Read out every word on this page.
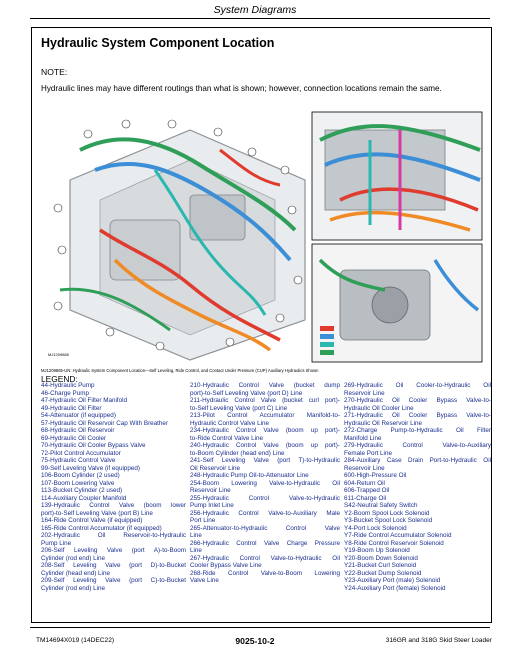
System Diagrams
Hydraulic System Component Location
NOTE:
Hydraulic lines may have different routings than what is shown; however, connection locations remain the same.
MJ1209865
MJ1209865-UN: Hydraulic System Component Location—Self Leveling, Ride Control, and Contact Under Pressure (CUP) Auxiliary Hydraulics Shown
LEGEND:
44-Hydraulic Pump
46-Charge Pump
47-Hydraulic Oil Filter Manifold
49-Hydraulic Oil Filter
54-Attenuator (if equipped)
57-Hydraulic Oil Reservoir Cap With Breather
68-Hydraulic Oil Reservoir
69-Hydraulic Oil Cooler
70-Hydraulic Oil Cooler Bypass Valve
72-Pilot Control Accumulator
75-Hydraulic Control Valve
99-Self Leveling Valve (if equipped)
106-Boom Cylinder (2 used)
107-Boom Lowering Valve
113-Bucket Cylinder (2 used)
114-Auxiliary Coupler Manifold
139-Hydraulic Control Valve (boom lower
port)-to-Self Leveling Valve (port B) Line
164-Ride Control Valve (if equipped)
165-Ride Control Accumulator (if equipped)
202-Hydraulic Oil Reservoir-to-Hydraulic
Pump Line
206-Self Leveling Valve (port A)-to-Boom
Cylinder (rod end) Line
208-Self Leveling Valve (port D)-to-Bucket
Cylinder (head end) Line
209-Self Leveling Valve (port C)-to-Bucket
Cylinder (rod end) Line
210-Hydraulic Control Valve (bucket dump
port)-to-Self Leveling Valve (port D) Line
211-Hydraulic Control Valve (bucket curl port)-
to-Self Leveling Valve (port C) Line
213-Pilot Control Accumulator Manifold-to-
Hydraulic Control Valve Line
234-Hydraulic Control Valve (boom up port)-
to-Ride Control Valve Line
240-Hydraulic Control Valve (boom up port)-
to-Boom Cylinder (head end) Line
241-Self Leveling Valve (port T)-to-Hydraulic
Oil Reservoir Line
248-Hydraulic Pump Oil-to-Attenuator Line
254-Boom Lowering Valve-to-Hydraulic Oil
Reservoir Line
255-Hydraulic Control Valve-to-Hydraulic
Pump Inlet Line
256-Hydraulic Control Valve-to-Auxiliary Male
Port Line
265-Attenuator-to-Hydraulic Control Valve
Line
266-Hydraulic Control Valve Charge Pressure
Line
267-Hydraulic Control Valve-to-Hydraulic Oil
Cooler Bypass Valve Line
268-Ride Control Valve-to-Boom Lowering
Valve Line
269-Hydraulic Oil Cooler-to-Hydraulic Oil
Reservoir Line
270-Hydraulic Oil Cooler Bypass Valve-to-
Hydraulic Oil Cooler Line
271-Hydraulic Oil Cooler Bypass Valve-to-
Hydraulic Oil Reservoir Line
272-Charge Pump-to-Hydraulic Oil Filter
Manifold Line
279-Hydraulic Control Valve-to-Auxiliary
Female Port Line
284-Auxiliary Case Drain Port-to-Hydraulic Oil
Reservoir Line
600-High-Pressure Oil
604-Return Oil
606-Trapped Oil
611-Charge Oil
S42-Neutral Safety Switch
Y2-Boom Spool Lock Solenoid
Y3-Bucket Spool Lock Solenoid
Y4-Port Lock Solenoid
Y7-Ride Control Accumulator Solenoid
Y8-Ride Control Reservoir Solenoid
Y19-Boom Up Solenoid
Y20-Boom Down Solenoid
Y21-Bucket Curl Solenoid
Y22-Bucket Dump Solenoid
Y23-Auxiliary Port (male) Solenoid
Y24-Auxiliary Port (female) Solenoid
TM14694X019 (14DEC22)	9025-10-2	316GR and 318G Skid Steer Loader
